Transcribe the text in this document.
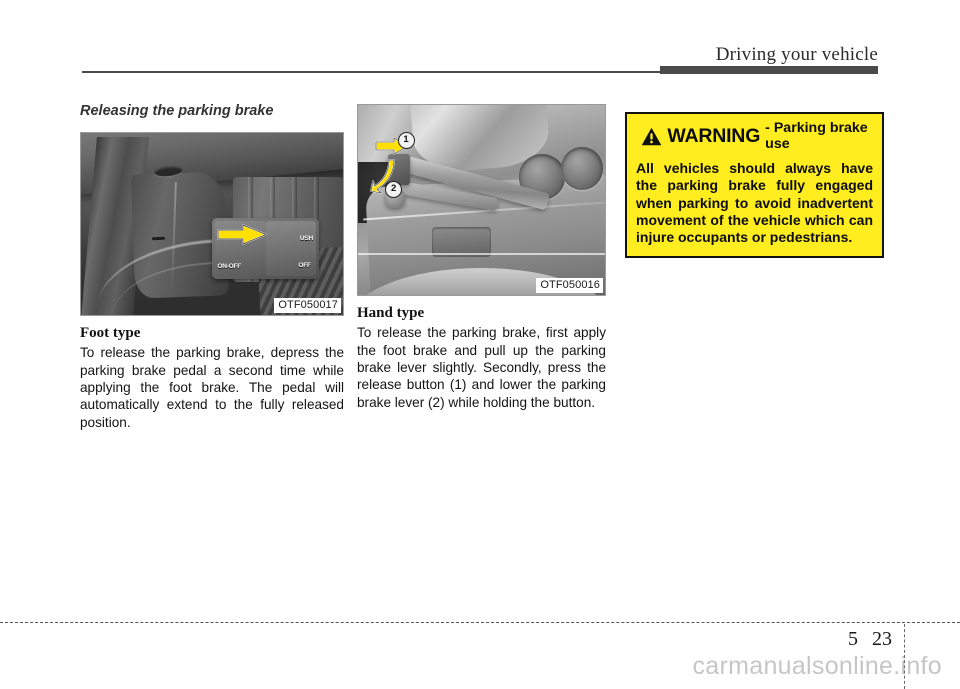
Driving your vehicle
Releasing the parking brake
ON-OFF
USH
OFF
OTF050017
Foot type

To release the parking brake, depress the parking brake pedal a second time while applying the foot brake. The pedal will automatically extend to the fully released position.

1
2
OTF050016
Hand type

To release the parking brake, first apply the foot brake and pull up the parking brake lever slightly. Secondly, press the release button (1) and lower the parking brake lever (2) while holding the button.

WARNING - Parking brake
use
All vehicles should always have the parking brake fully engaged when parking to avoid inadvertent movement of the vehicle which can injure occupants or pedestrians.
5 23
carmanualsonline.info
